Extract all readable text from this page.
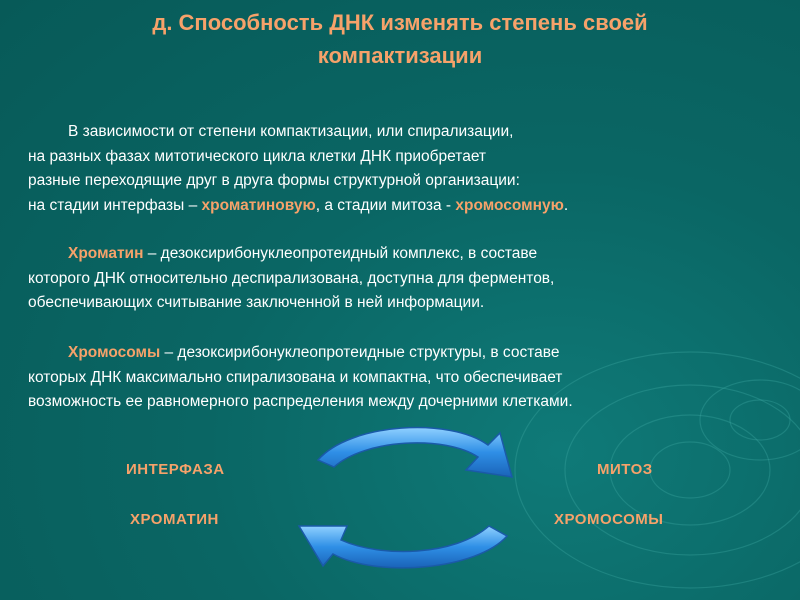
д. Способность ДНК изменять степень своей
компактизации
В зависимости от степени компактизации, или спирализации,
на разных фазах митотического цикла клетки ДНК приобретает
разные переходящие друг в друга формы структурной организации:
на стадии интерфазы – хроматиновую, а стадии митоза - хромосомную.
Хроматин – дезоксирибонуклеопротеидный комплекс, в составе
которого ДНК относительно деспирализована, доступна для ферментов,
обеспечивающих считывание заключенной в ней информации.
Хромосомы – дезоксирибонуклеопротеидные структуры, в составе
которых ДНК максимально спирализована и компактна, что обеспечивает
возможность ее равномерного распределения между дочерними клетками.
ИНТЕРФАЗА	МИТОЗ
ХРОМАТИН	ХРОМОСОМЫ
